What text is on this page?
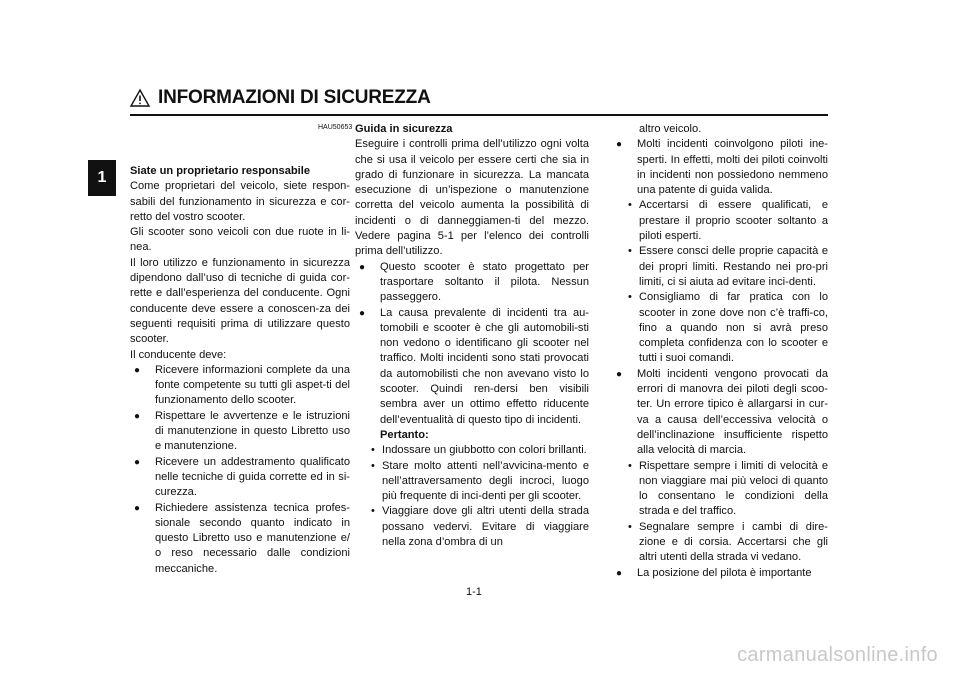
INFORMAZIONI DI SICUREZZA
1
HAU50653

Siate un proprietario responsabile

Come proprietari del veicolo, siete respon-sabili del funzionamento in sicurezza e cor-retto del vostro scooter.

Gli scooter sono veicoli con due ruote in li-nea.

Il loro utilizzo e funzionamento in sicurezza dipendono dall’uso di tecniche di guida cor-rette e dall’esperienza del conducente. Ogni conducente deve essere a conoscen-za dei seguenti requisiti prima di utilizzare questo scooter.

Il conducente deve:

● Ricevere informazioni complete da una fonte competente su tutti gli aspet-ti del funzionamento dello scooter.
● Rispettare le avvertenze e le istruzioni di manutenzione in questo Libretto uso e manutenzione.
● Ricevere un addestramento qualificato nelle tecniche di guida corrette ed in si-curezza.
● Richiedere assistenza tecnica profes-sionale secondo quanto indicato in questo Libretto uso e manutenzione e/ o reso necessario dalle condizioni meccaniche.

Guida in sicurezza

Eseguire i controlli prima dell’utilizzo ogni volta che si usa il veicolo per essere certi che sia in grado di funzionare in sicurezza. La mancata esecuzione di un’ispezione o manutenzione corretta del veicolo aumenta la possibilità di incidenti o di danneggiamen-ti del mezzo. Vedere pagina 5-1 per l’elenco dei controlli prima dell’utilizzo.

● Questo scooter è stato progettato per trasportare soltanto il pilota. Nessun passeggero.
● La causa prevalente di incidenti tra au-tomobili e scooter è che gli automobili-sti non vedono o identificano gli scooter nel traffico. Molti incidenti sono stati provocati da automobilisti che non avevano visto lo scooter. Quindi ren-dersi ben visibili sembra aver un ottimo effetto riducente dell’eventualità di questo tipo di incidenti.
Pertanto:
• Indossare un giubbotto con colori brillanti.
• Stare molto attenti nell’avvicina-mento e nell’attraversamento degli incroci, luogo più frequente di inci-denti per gli scooter.
• Viaggiare dove gli altri utenti della strada possano vedervi. Evitare di viaggiare nella zona d’ombra di un

altro veicolo.

● Molti incidenti coinvolgono piloti ine-sperti. In effetti, molti dei piloti coinvolti in incidenti non possiedono nemmeno una patente di guida valida.
• Accertarsi di essere qualificati, e prestare il proprio scooter soltanto a piloti esperti.
• Essere consci delle proprie capacità e dei propri limiti. Restando nei pro-pri limiti, ci si aiuta ad evitare inci-denti.
• Consigliamo di far pratica con lo scooter in zone dove non c’è traffi-co, fino a quando non si avrà preso completa confidenza con lo scooter e tutti i suoi comandi.
● Molti incidenti vengono provocati da errori di manovra dei piloti degli scoo-ter. Un errore tipico è allargarsi in cur-va a causa dell’eccessiva velocità o dell’inclinazione insufficiente rispetto alla velocità di marcia.
• Rispettare sempre i limiti di velocità e non viaggiare mai più veloci di quanto lo consentano le condizioni della strada e del traffico.
• Segnalare sempre i cambi di dire-zione e di corsia. Accertarsi che gli altri utenti della strada vi vedano.
● La posizione del pilota è importante
1-1
carmanualsonline.info
